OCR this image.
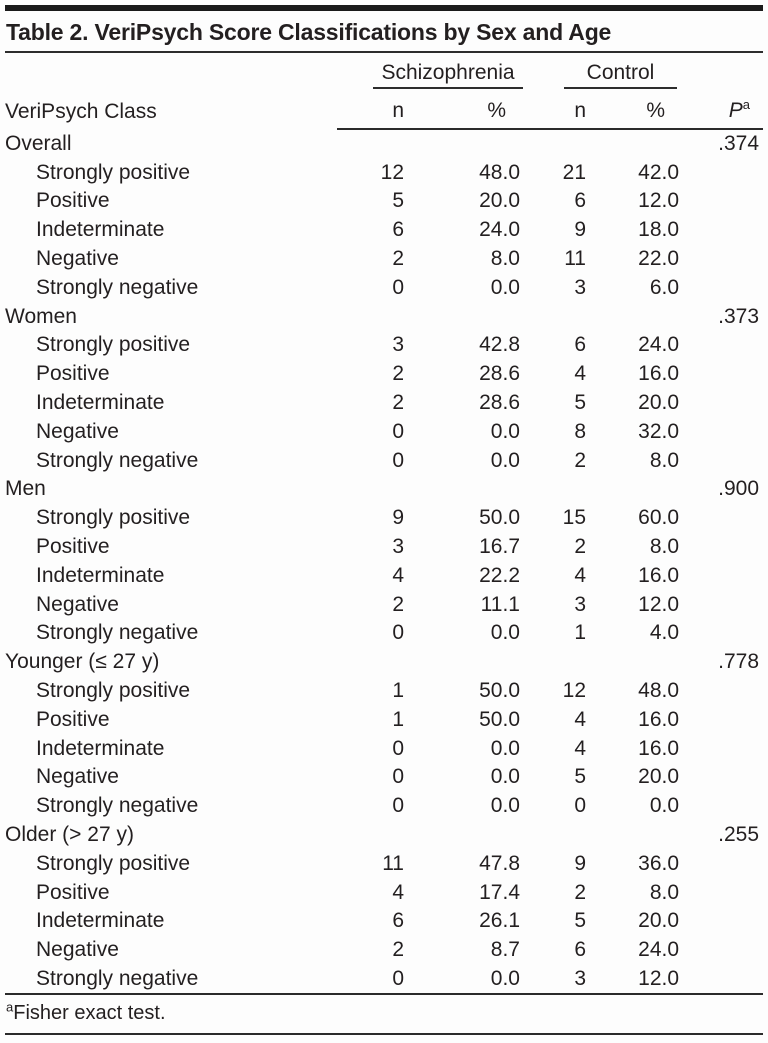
Table 2. VeriPsych Score Classifications by Sex and Age
VeriPsych Class	Schizophrenia		Control		

	n	%	n	%	$P^a$
Overall					.374
Strongly positive	12	48.0	21	42.0	
Positive	5	20.0	6	12.0	
Indeterminate	6	24.0	9	18.0	
Negative	2	8.0	11	22.0	
Strongly negative	0	0.0	3	6.0	
Women					.373
Strongly positive	3	42.8	6	24.0	
Positive	2	28.6	4	16.0	
Indeterminate	2	28.6	5	20.0	
Negative	0	0.0	8	32.0	
Strongly negative	0	0.0	2	8.0	
Men					.900
Strongly positive	9	50.0	15	60.0	
Positive	3	16.7	2	8.0	
Indeterminate	4	22.2	4	16.0	
Negative	2	11.1	3	12.0	
Strongly negative	0	0.0	1	4.0	
Younger (≤ 27 y)					.778
Strongly positive	1	50.0	12	48.0	
Positive	1	50.0	4	16.0	
Indeterminate	0	0.0	4	16.0	
Negative	0	0.0	5	20.0	
Strongly negative	0	0.0	0	0.0	
Older (> 27 y)					.255
Strongly positive	11	47.8	9	36.0	
Positive	4	17.4	2	8.0	
Indeterminate	6	26.1	5	20.0	
Negative	2	8.7	6	24.0	
Strongly negative	0	0.0	3	12.0	
$^a$Fisher exact test.
